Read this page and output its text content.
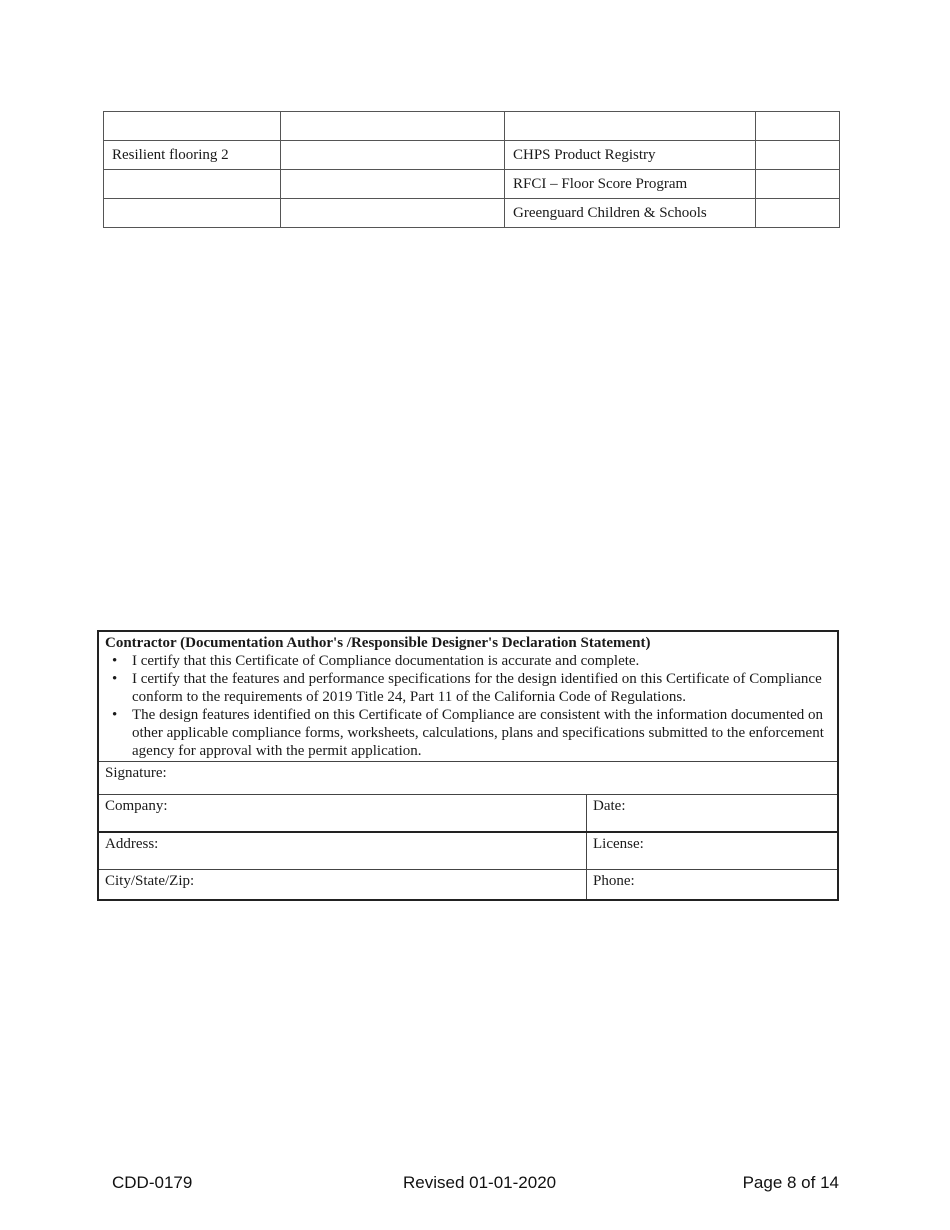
Resilient flooring 2		CHPS Product Registry	
		RFCI – Floor Score Program	
		Greenguard Children & Schools	
Contractor (Documentation Author's /Responsible Designer's Declaration Statement)
• I certify that this Certificate of Compliance documentation is accurate and complete.
• I certify that the features and performance specifications for the design identified on this Certificate of Compliance conform to the requirements of 2019 Title 24, Part 11 of the California Code of Regulations.
• The design features identified on this Certificate of Compliance are consistent with the information documented on other applicable compliance forms, worksheets, calculations, plans and specifications submitted to the enforcement agency for approval with the permit application.
Signature:
Company:	Date:
Address:	License:
City/State/Zip:	Phone:
CDD-0179	Revised 01-01-2020	Page 8 of 14
